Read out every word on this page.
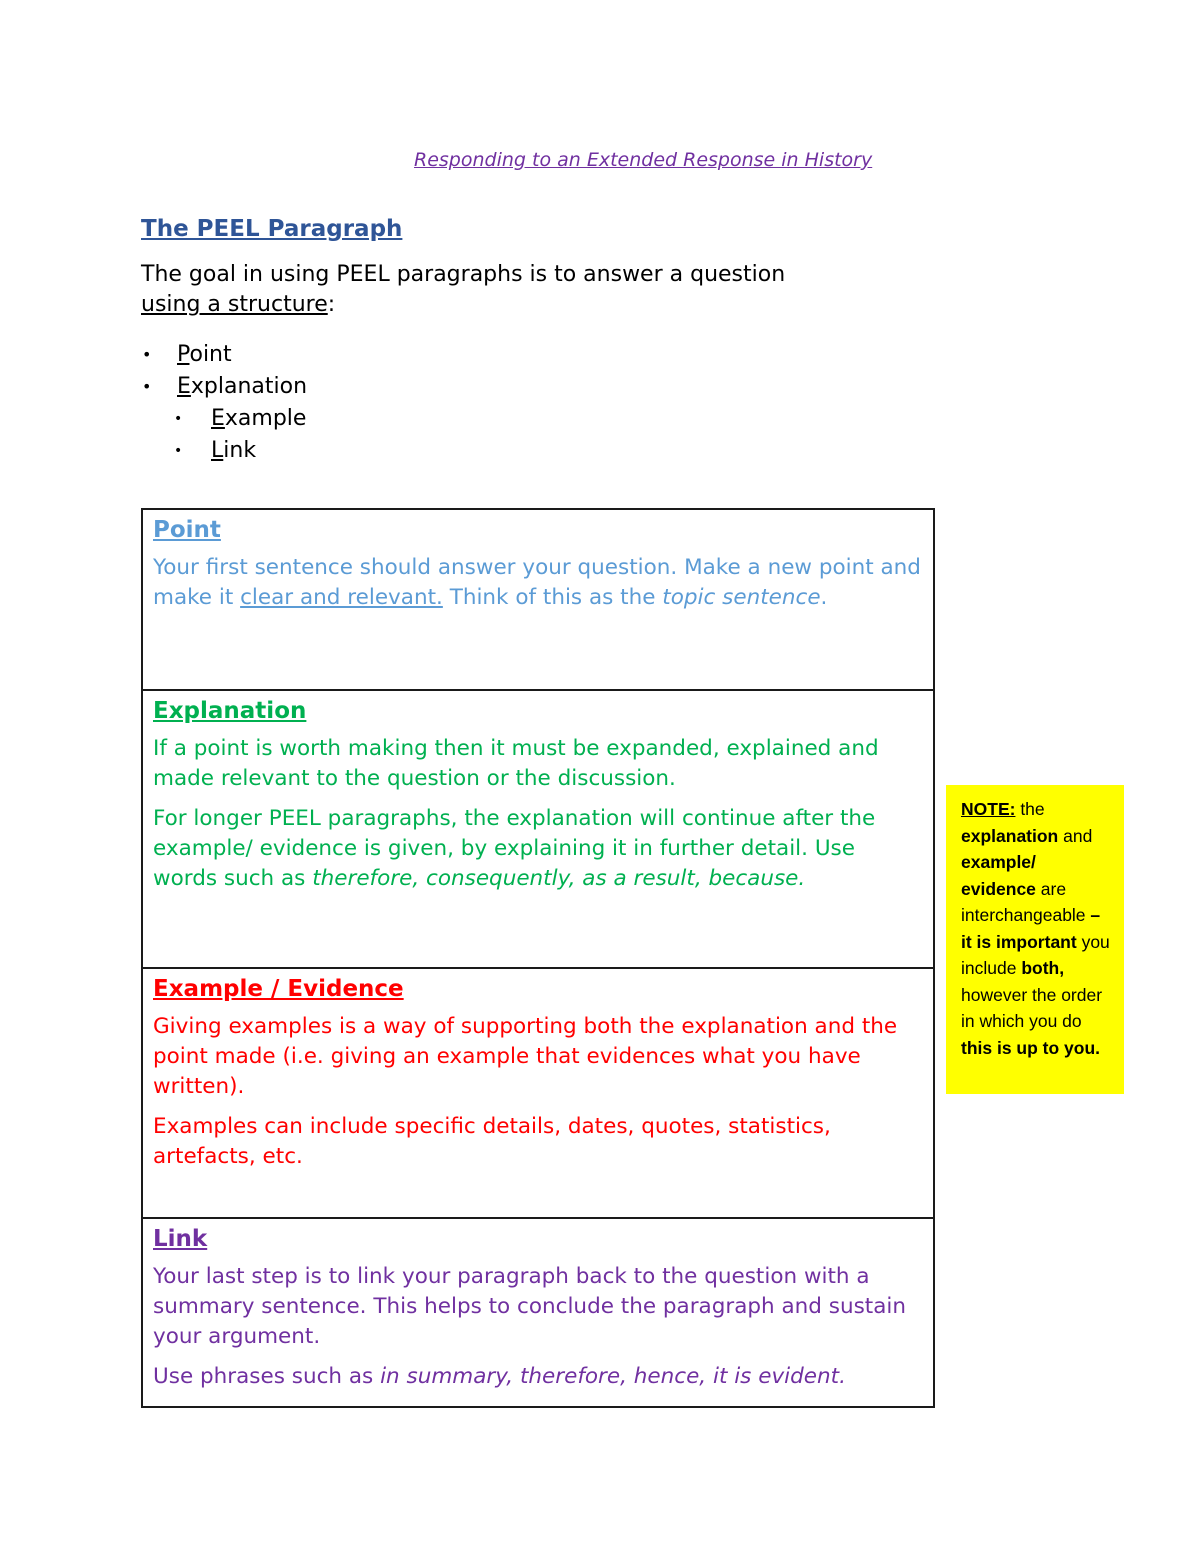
Responding to an Extended Response in History
The PEEL Paragraph

The goal in using PEEL paragraphs is to answer a question
using a structure:

• Point
• Explanation
• Example
• Link
Point

Your first sentence should answer your question. Make a new point and make it clear and relevant. Think of this as the topic sentence.

Explanation

If a point is worth making then it must be expanded, explained and made relevant to the question or the discussion.

For longer PEEL paragraphs, the explanation will continue after the example/ evidence is given, by explaining it in further detail. Use words such as therefore, consequently, as a result, because.

Example / Evidence

Giving examples is a way of supporting both the explanation and the point made (i.e. giving an example that evidences what you have written).

Examples can include specific details, dates, quotes, statistics, artefacts, etc.

Link

Your last step is to link your paragraph back to the question with a summary sentence. This helps to conclude the paragraph and sustain your argument.

Use phrases such as in summary, therefore, hence, it is evident.

NOTE: the explanation and example/ evidence are interchangeable – it is important you include both, however the order in which you do this is up to you.
